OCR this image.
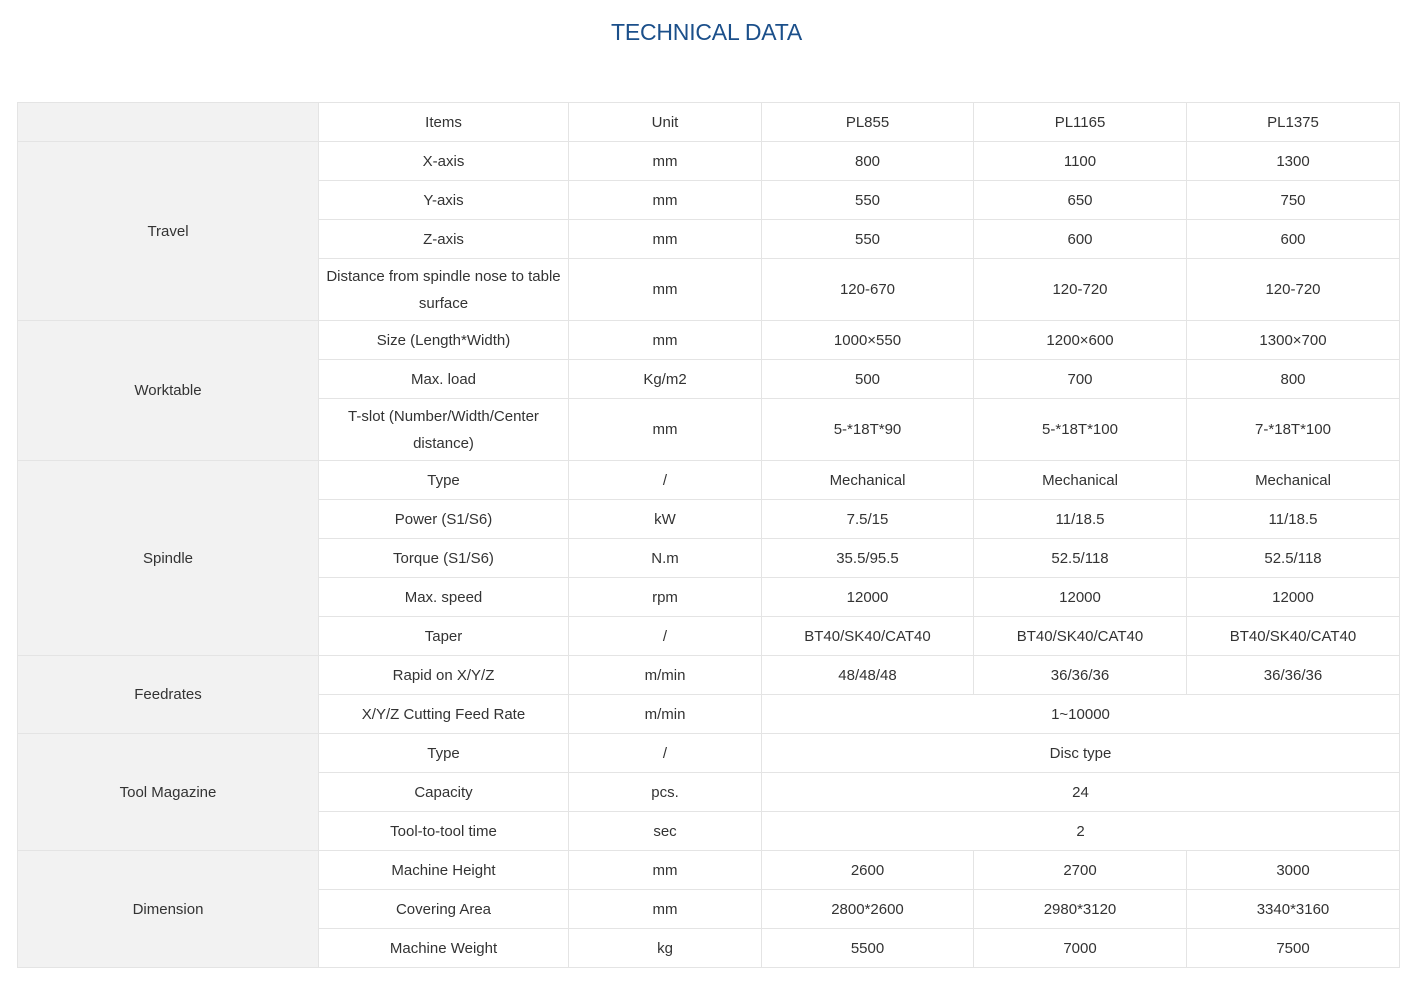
TECHNICAL DATA
	Items	Unit	PL855	PL1165	PL1375
Travel	X-axis	mm	800	1100	1300
	Y-axis	mm	550	650	750
	Z-axis	mm	550	600	600
	Distance from spindle nose to table surface	mm	120-670	120-720	120-720
Worktable	Size (Length*Width)	mm	1000×550	1200×600	1300×700
	Max. load	Kg/m2	500	700	800
	T-slot (Number/Width/Center distance)	mm	5-*18T*90	5-*18T*100	7-*18T*100
Spindle	Type	/	Mechanical	Mechanical	Mechanical
	Power (S1/S6)	kW	7.5/15	11/18.5	11/18.5
	Torque (S1/S6)	N.m	35.5/95.5	52.5/118	52.5/118
	Max. speed	rpm	12000	12000	12000
	Taper	/	BT40/SK40/CAT40	BT40/SK40/CAT40	BT40/SK40/CAT40
Feedrates	Rapid on X/Y/Z	m/min	48/48/48	36/36/36	36/36/36
	X/Y/Z Cutting Feed Rate	m/min	1~10000		
Tool Magazine	Type	/	Disc type		
	Capacity	pcs.	24		
	Tool-to-tool time	sec	2		
Dimension	Machine Height	mm	2600	2700	3000
	Covering Area	mm	2800*2600	2980*3120	3340*3160
	Machine Weight	kg	5500	7000	7500
